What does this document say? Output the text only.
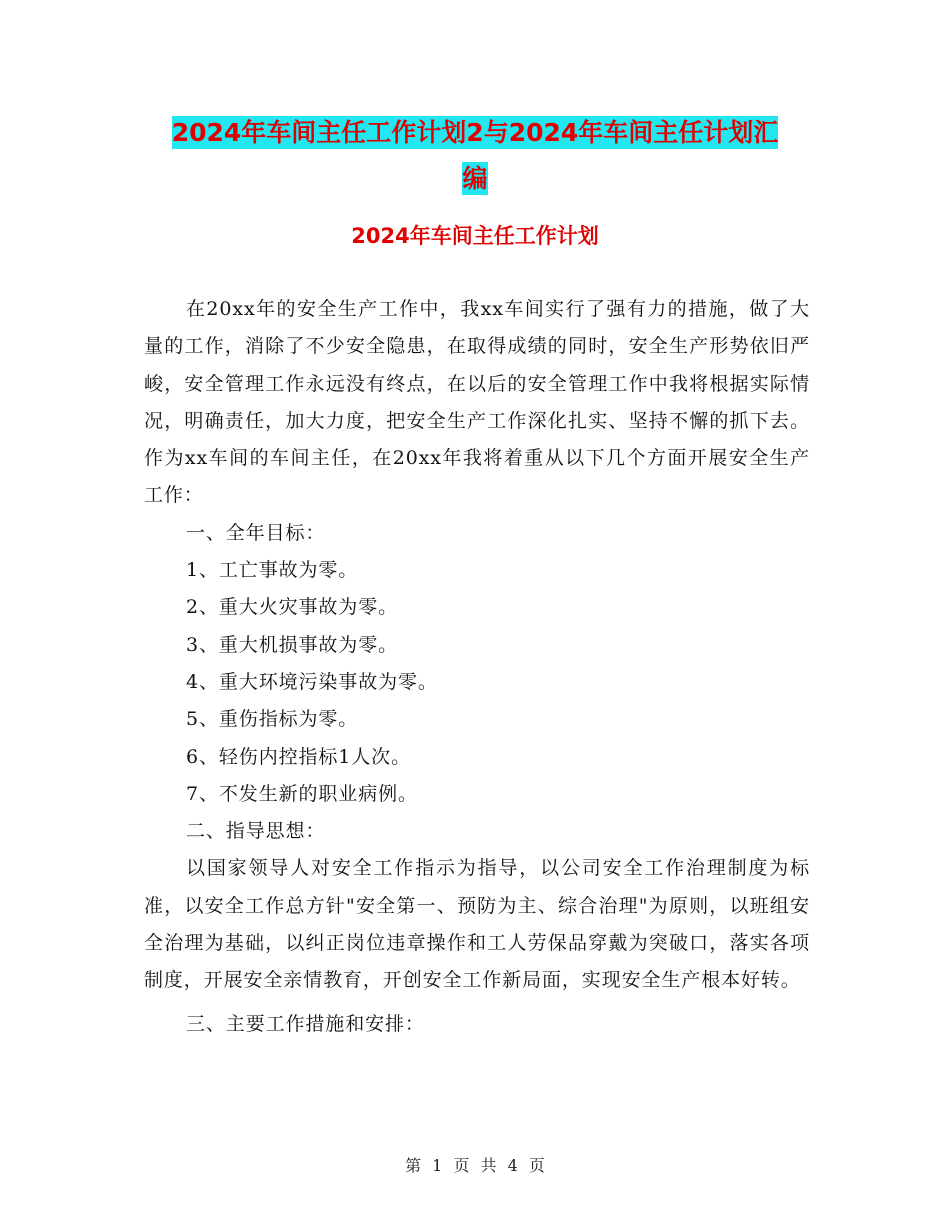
2024年车间主任工作计划2与2024年车间主任计划汇
编
2024年车间主任工作计划

在20xx年的安全生产工作中，我xx车间实行了强有力的措施，做了大量的工作，消除了不少安全隐患，在取得成绩的同时，安全生产形势依旧严峻，安全管理工作永远没有终点，在以后的安全管理工作中我将根据实际情况，明确责任，加大力度，把安全生产工作深化扎实、坚持不懈的抓下去。作为xx车间的车间主任，在20xx年我将着重从以下几个方面开展安全生产工作：

一、全年目标：

1、工亡事故为零。

2、重大火灾事故为零。

3、重大机损事故为零。

4、重大环境污染事故为零。

5、重伤指标为零。

6、轻伤内控指标1人次。

7、不发生新的职业病例。

二、指导思想：

以国家领导人对安全工作指示为指导，以公司安全工作治理制度为标准，以安全工作总方针"安全第一、预防为主、综合治理"为原则，以班组安全治理为基础，以纠正岗位违章操作和工人劳保品穿戴为突破口，落实各项制度，开展安全亲情教育，开创安全工作新局面，实现安全生产根本好转。

三、主要工作措施和安排：

第 1 页 共 4 页
